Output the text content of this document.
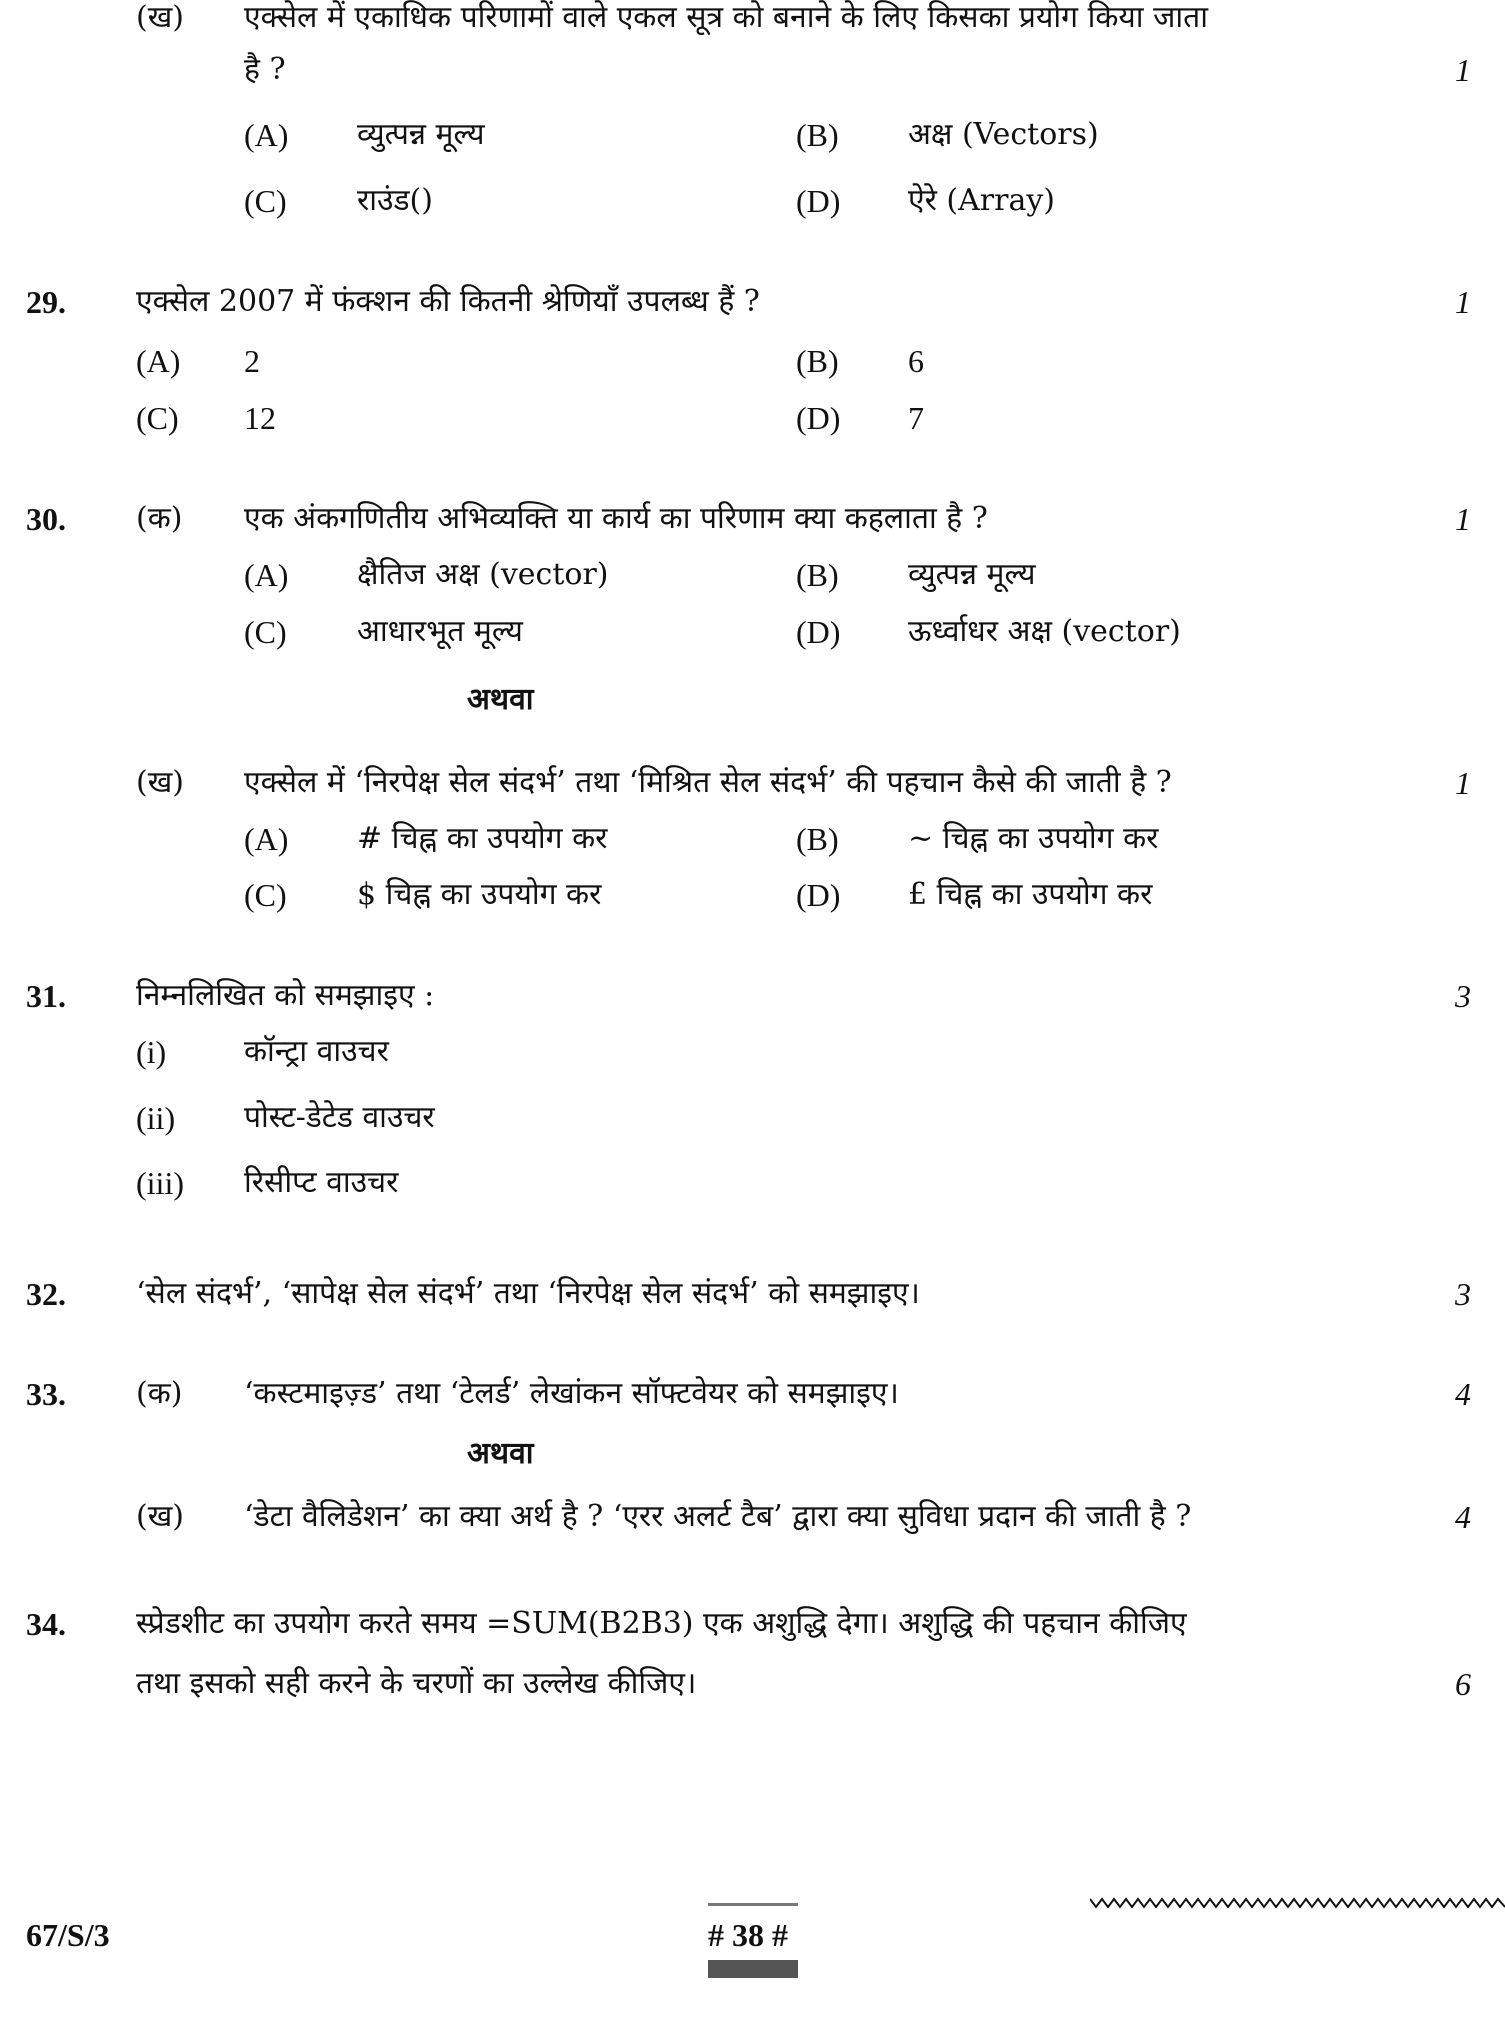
(ख) एक्सेल में एकाधिक परिणामों वाले एकल सूत्र को बनाने के लिए किसका प्रयोग किया जाता
है ?	1
(A) व्युत्पन्न मूल्य	(B) अक्ष (Vectors)
(C) राउंड()	(D) ऐरे (Array)
29. एक्सेल 2007 में फंक्शन की कितनी श्रेणियाँ उपलब्ध हैं ?	1
(A) 2	(B) 6
(C) 12	(D) 7
30. (क) एक अंकगणितीय अभिव्यक्ति या कार्य का परिणाम क्या कहलाता है ?	1
(A) क्षैतिज अक्ष (vector)	(B) व्युत्पन्न मूल्य
(C) आधारभूत मूल्य	(D) ऊर्ध्वाधर अक्ष (vector)
अथवा
(ख) एक्सेल में ‘निरपेक्ष सेल संदर्भ’ तथा ‘मिश्रित सेल संदर्भ’ की पहचान कैसे की जाती है ?	1
(A) # चिह्न का उपयोग कर	(B) ~ चिह्न का उपयोग कर
(C) $ चिह्न का उपयोग कर	(D) £ चिह्न का उपयोग कर
31. निम्नलिखित को समझाइए :	3
(i)	कॉन्ट्रा वाउचर
(ii) पोस्ट-डेटेड वाउचर
(iii) रिसीप्ट वाउचर
32. ‘सेल संदर्भ’, ‘सापेक्ष सेल संदर्भ’ तथा ‘निरपेक्ष सेल संदर्भ’ को समझाइए।	3
33. (क) ‘कस्टमाइज़्ड’ तथा ‘टेलर्ड’ लेखांकन सॉफ्टवेयर को समझाइए।	4
अथवा
(ख) ‘डेटा वैलिडेशन’ का क्या अर्थ है ? ‘एरर अलर्ट टैब’ द्वारा क्या सुविधा प्रदान की जाती है ?	4
34. स्प्रेडशीट का उपयोग करते समय =SUM(B2B3) एक अशुद्धि देगा। अशुद्धि की पहचान कीजिए
तथा इसको सही करने के चरणों का उल्लेख कीजिए।	6
67/S/3	# 38 #
